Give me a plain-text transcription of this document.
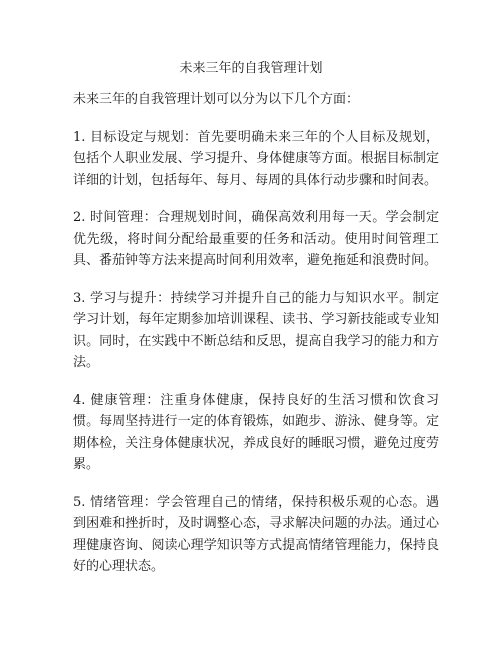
未来三年的自我管理计划

未来三年的自我管理计划可以分为以下几个方面：

1. 目标设定与规划：首先要明确未来三年的个人目标及规划，包括个人职业发展、学习提升、身体健康等方面。根据目标制定详细的计划，包括每年、每月、每周的具体行动步骤和时间表。

2. 时间管理：合理规划时间，确保高效利用每一天。学会制定优先级，将时间分配给最重要的任务和活动。使用时间管理工具、番茄钟等方法来提高时间利用效率，避免拖延和浪费时间。

3. 学习与提升：持续学习并提升自己的能力与知识水平。制定学习计划，每年定期参加培训课程、读书、学习新技能或专业知识。同时，在实践中不断总结和反思，提高自我学习的能力和方法。

4. 健康管理：注重身体健康，保持良好的生活习惯和饮食习惯。每周坚持进行一定的体育锻炼，如跑步、游泳、健身等。定期体检，关注身体健康状况，养成良好的睡眠习惯，避免过度劳累。

5. 情绪管理：学会管理自己的情绪，保持积极乐观的心态。遇到困难和挫折时，及时调整心态，寻求解决问题的办法。通过心理健康咨询、阅读心理学知识等方式提高情绪管理能力，保持良好的心理状态。
